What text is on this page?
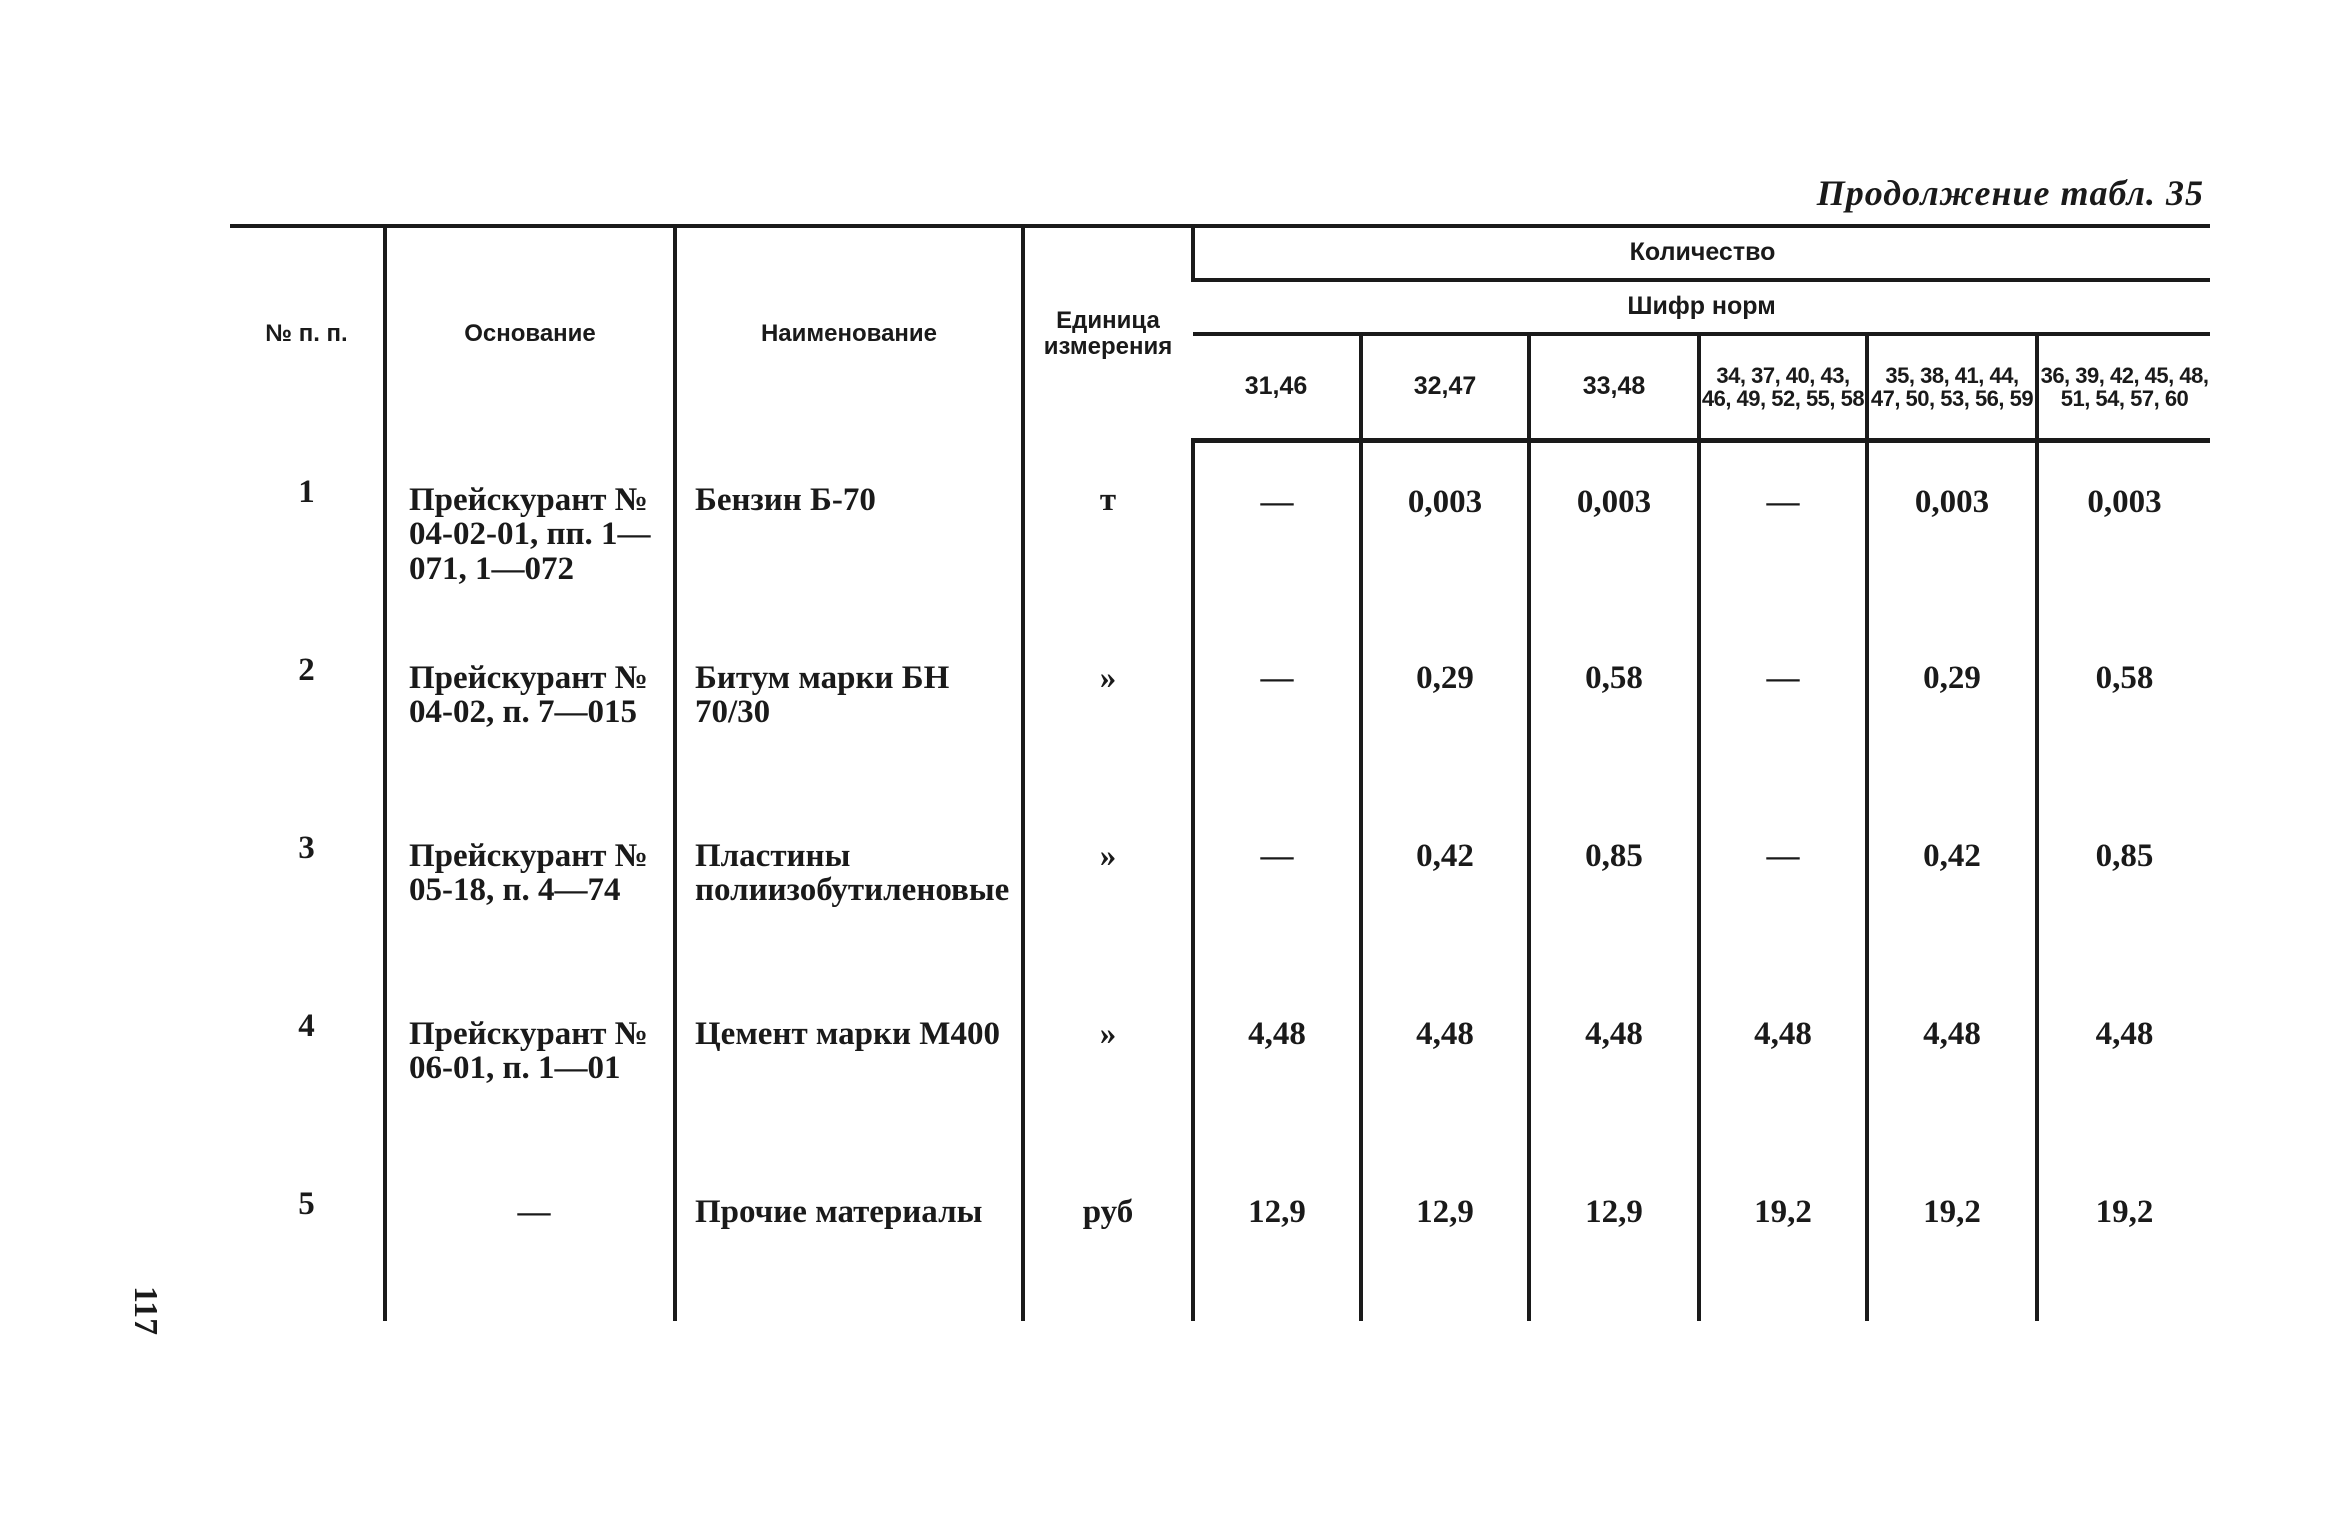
Продолжение табл. 35
№ п. п.	Основание	Наименование	Единица измерения	Количество					
				Шифр норм					
				31,46	32,47	33,48	34, 37, 40, 43, 46, 49, 52, 55, 58	35, 38, 41, 44, 47, 50, 53, 56, 59	36, 39, 42, 45, 48, 51, 54, 57, 60
1	Прейскурант № 04-02-01, пп. 1—071, 1—072	Бензин Б-70	т	—	0,003	0,003	—	0,003	0,003
2	Прейскурант № 04-02, п. 7—015	Битум марки БН 70/30	»	—	0,29	0,58	—	0,29	0,58
3	Прейскурант № 05-18, п. 4—74	Пластины полиизобутиленовые	»	—	0,42	0,85	—	0,42	0,85
4	Прейскурант № 06-01, п. 1—01	Цемент марки М400	»	4,48	4,48	4,48	4,48	4,48	4,48
5	—	Прочие материалы	руб	12,9	12,9	12,9	19,2	19,2	19,2
117
